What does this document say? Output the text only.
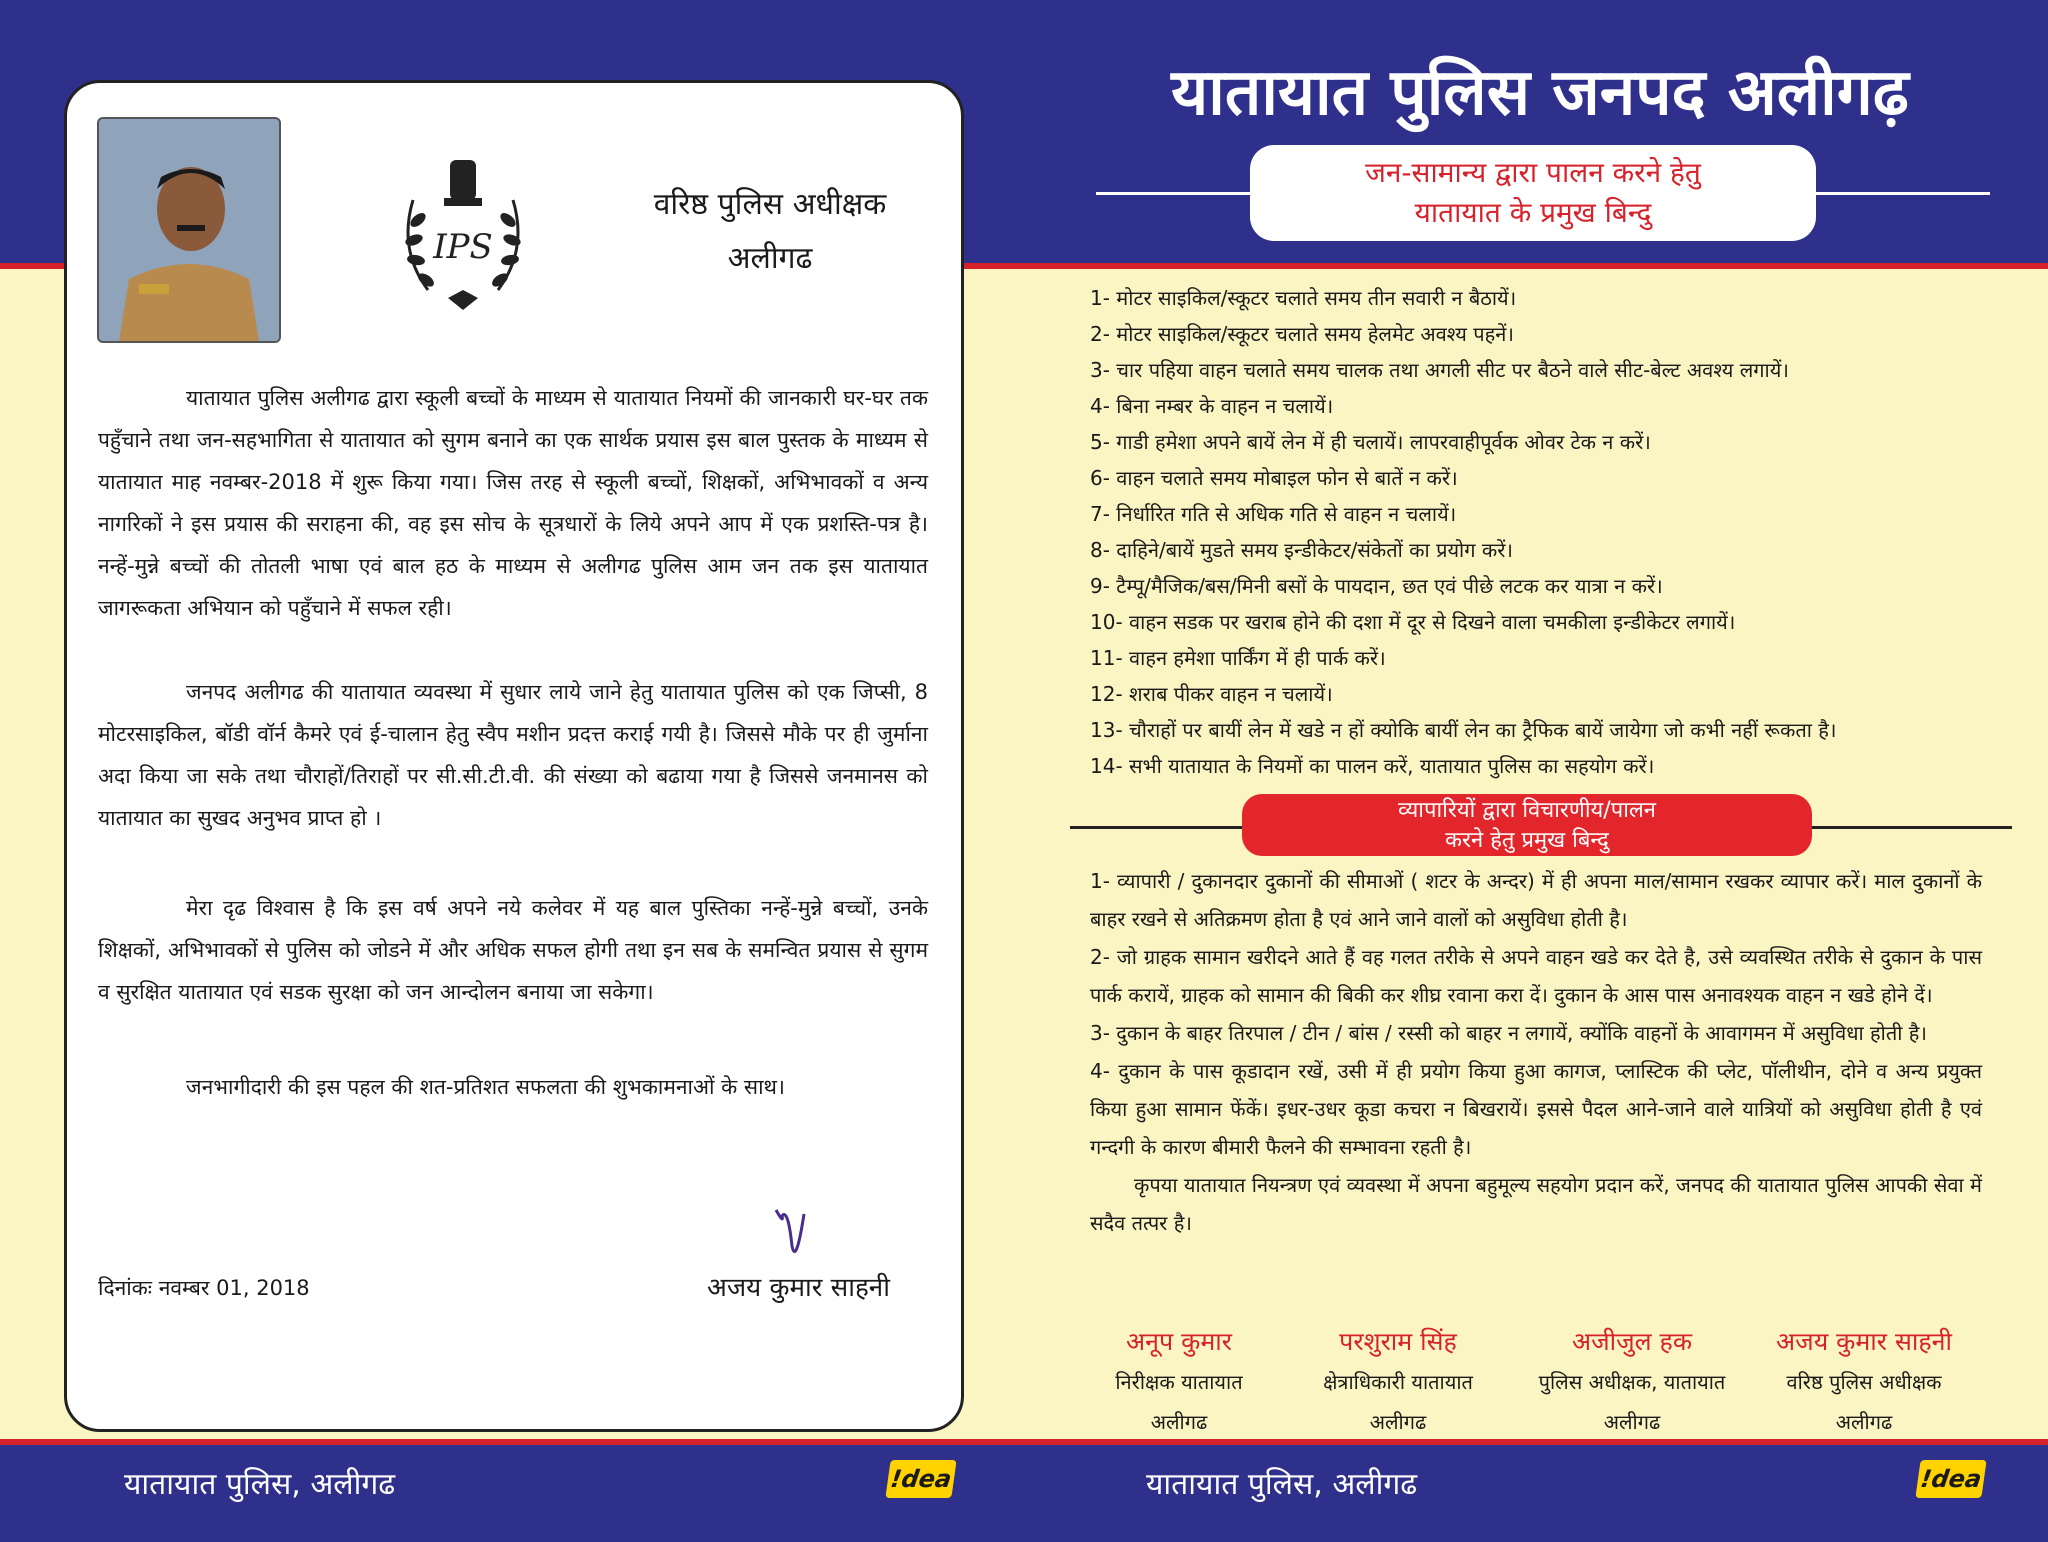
IPS
वरिष्ठ पुलिस अधीक्षक
अलीगढ
यातायात पुलिस अलीगढ द्वारा स्कूली बच्चों के माध्यम से यातायात नियमों की जानकारी घर-घर तक पहुँचाने तथा जन-सहभागिता से यातायात को सुगम बनाने का एक सार्थक प्रयास इस बाल पुस्तक के माध्यम से यातायात माह नवम्बर-2018 में शुरू किया गया। जिस तरह से स्कूली बच्चों, शिक्षकों, अभिभावकों व अन्य नागरिकों ने इस प्रयास की सराहना की, वह इस सोच के सूत्रधारों के लिये अपने आप में एक प्रशस्ति-पत्र है। नन्हें-मुन्ने बच्चों की तोतली भाषा एवं बाल हठ के माध्यम से अलीगढ पुलिस आम जन तक इस यातायात जागरूकता अभियान को पहुँचाने में सफल रही।
जनपद अलीगढ की यातायात व्यवस्था में सुधार लाये जाने हेतु यातायात पुलिस को एक जिप्सी, 8 मोटरसाइकिल, बॉडी वॉर्न कैमरे एवं ई-चालान हेतु स्वैप मशीन प्रदत्त कराई गयी है। जिससे मौके पर ही जुर्माना अदा किया जा सके तथा चौराहों/तिराहों पर सी.सी.टी.वी. की संख्या को बढाया गया है जिससे जनमानस को यातायात का सुखद अनुभव प्राप्त हो ।
मेरा दृढ विश्वास है कि इस वर्ष अपने नये कलेवर में यह बाल पुस्तिका नन्हें-मुन्ने बच्चों, उनके शिक्षकों, अभिभावकों से पुलिस को जोडने में और अधिक सफल होगी तथा इन सब के समन्वित प्रयास से सुगम व सुरक्षित यातायात एवं सडक सुरक्षा को जन आन्दोलन बनाया जा सकेगा।
जनभागीदारी की इस पहल की शत-प्रतिशत सफलता की शुभकामनाओं के साथ।
दिनांकः नवम्बर 01, 2018	अजय कुमार साहनी
यातायात पुलिस जनपद अलीगढ़
जन-सामान्य द्वारा पालन करने हेतु
यातायात के प्रमुख बिन्दु
1- मोटर साइकिल/स्कूटर चलाते समय तीन सवारी न बैठायें।
2- मोटर साइकिल/स्कूटर चलाते समय हेलमेट अवश्य पहनें।
3- चार पहिया वाहन चलाते समय चालक तथा अगली सीट पर बैठने वाले सीट-बेल्ट अवश्य लगायें।
4- बिना नम्बर के वाहन न चलायें।
5- गाडी हमेशा अपने बायें लेन में ही चलायें। लापरवाहीपूर्वक ओवर टेक न करें।
6- वाहन चलाते समय मोबाइल फोन से बातें न करें।
7- निर्धारित गति से अधिक गति से वाहन न चलायें।
8- दाहिने/बायें मुडते समय इन्डीकेटर/संकेतों का प्रयोग करें।
9- टैम्पू/मैजिक/बस/मिनी बसों के पायदान, छत एवं पीछे लटक कर यात्रा न करें।
10- वाहन सडक पर खराब होने की दशा में दूर से दिखने वाला चमकीला इन्डीकेटर लगायें।
11- वाहन हमेशा पार्किंग में ही पार्क करें।
12- शराब पीकर वाहन न चलायें।
13- चौराहों पर बायीं लेन में खडे न हों क्योकि बायीं लेन का ट्रैफिक बायें जायेगा जो कभी नहीं रूकता है।
14- सभी यातायात के नियमों का पालन करें, यातायात पुलिस का सहयोग करें।
व्यापारियों द्वारा विचारणीय/पालन
करने हेतु प्रमुख बिन्दु
1- व्यापारी / दुकानदार दुकानों की सीमाओं ( शटर के अन्दर) में ही अपना माल/सामान रखकर व्यापार करें। माल दुकानों के बाहर रखने से अतिक्रमण होता है एवं आने जाने वालों को असुविधा होती है।
2- जो ग्राहक सामान खरीदने आते हैं वह गलत तरीके से अपने वाहन खडे कर देते है, उसे व्यवस्थित तरीके से दुकान के पास पार्क करायें, ग्राहक को सामान की बिकी कर शीघ्र रवाना करा दें। दुकान के आस पास अनावश्यक वाहन न खडे होने दें।
3- दुकान के बाहर तिरपाल / टीन / बांस / रस्सी को बाहर न लगायें, क्योंकि वाहनों के आवागमन में असुविधा होती है।
4- दुकान के पास कूडादान रखें, उसी में ही प्रयोग किया हुआ कागज, प्लास्टिक की प्लेट, पॉलीथीन, दोने व अन्य प्रयुक्त किया हुआ सामान फेंकें। इधर-उधर कूडा कचरा न बिखरायें। इससे पैदल आने-जाने वाले यात्रियों को असुविधा होती है एवं गन्दगी के कारण बीमारी फैलने की सम्भावना रहती है।
कृपया यातायात नियन्त्रण एवं व्यवस्था में अपना बहुमूल्य सहयोग प्रदान करें, जनपद की यातायात पुलिस आपकी सेवा में सदैव तत्पर है।
अनूप कुमार
निरीक्षक यातायात
अलीगढ
परशुराम सिंह
क्षेत्राधिकारी यातायात
अलीगढ
अजीजुल हक
पुलिस अधीक्षक, यातायात
अलीगढ
अजय कुमार साहनी
वरिष्ठ पुलिस अधीक्षक
अलीगढ
यातायात पुलिस, अलीगढ	!dea	यातायात पुलिस, अलीगढ	!dea
